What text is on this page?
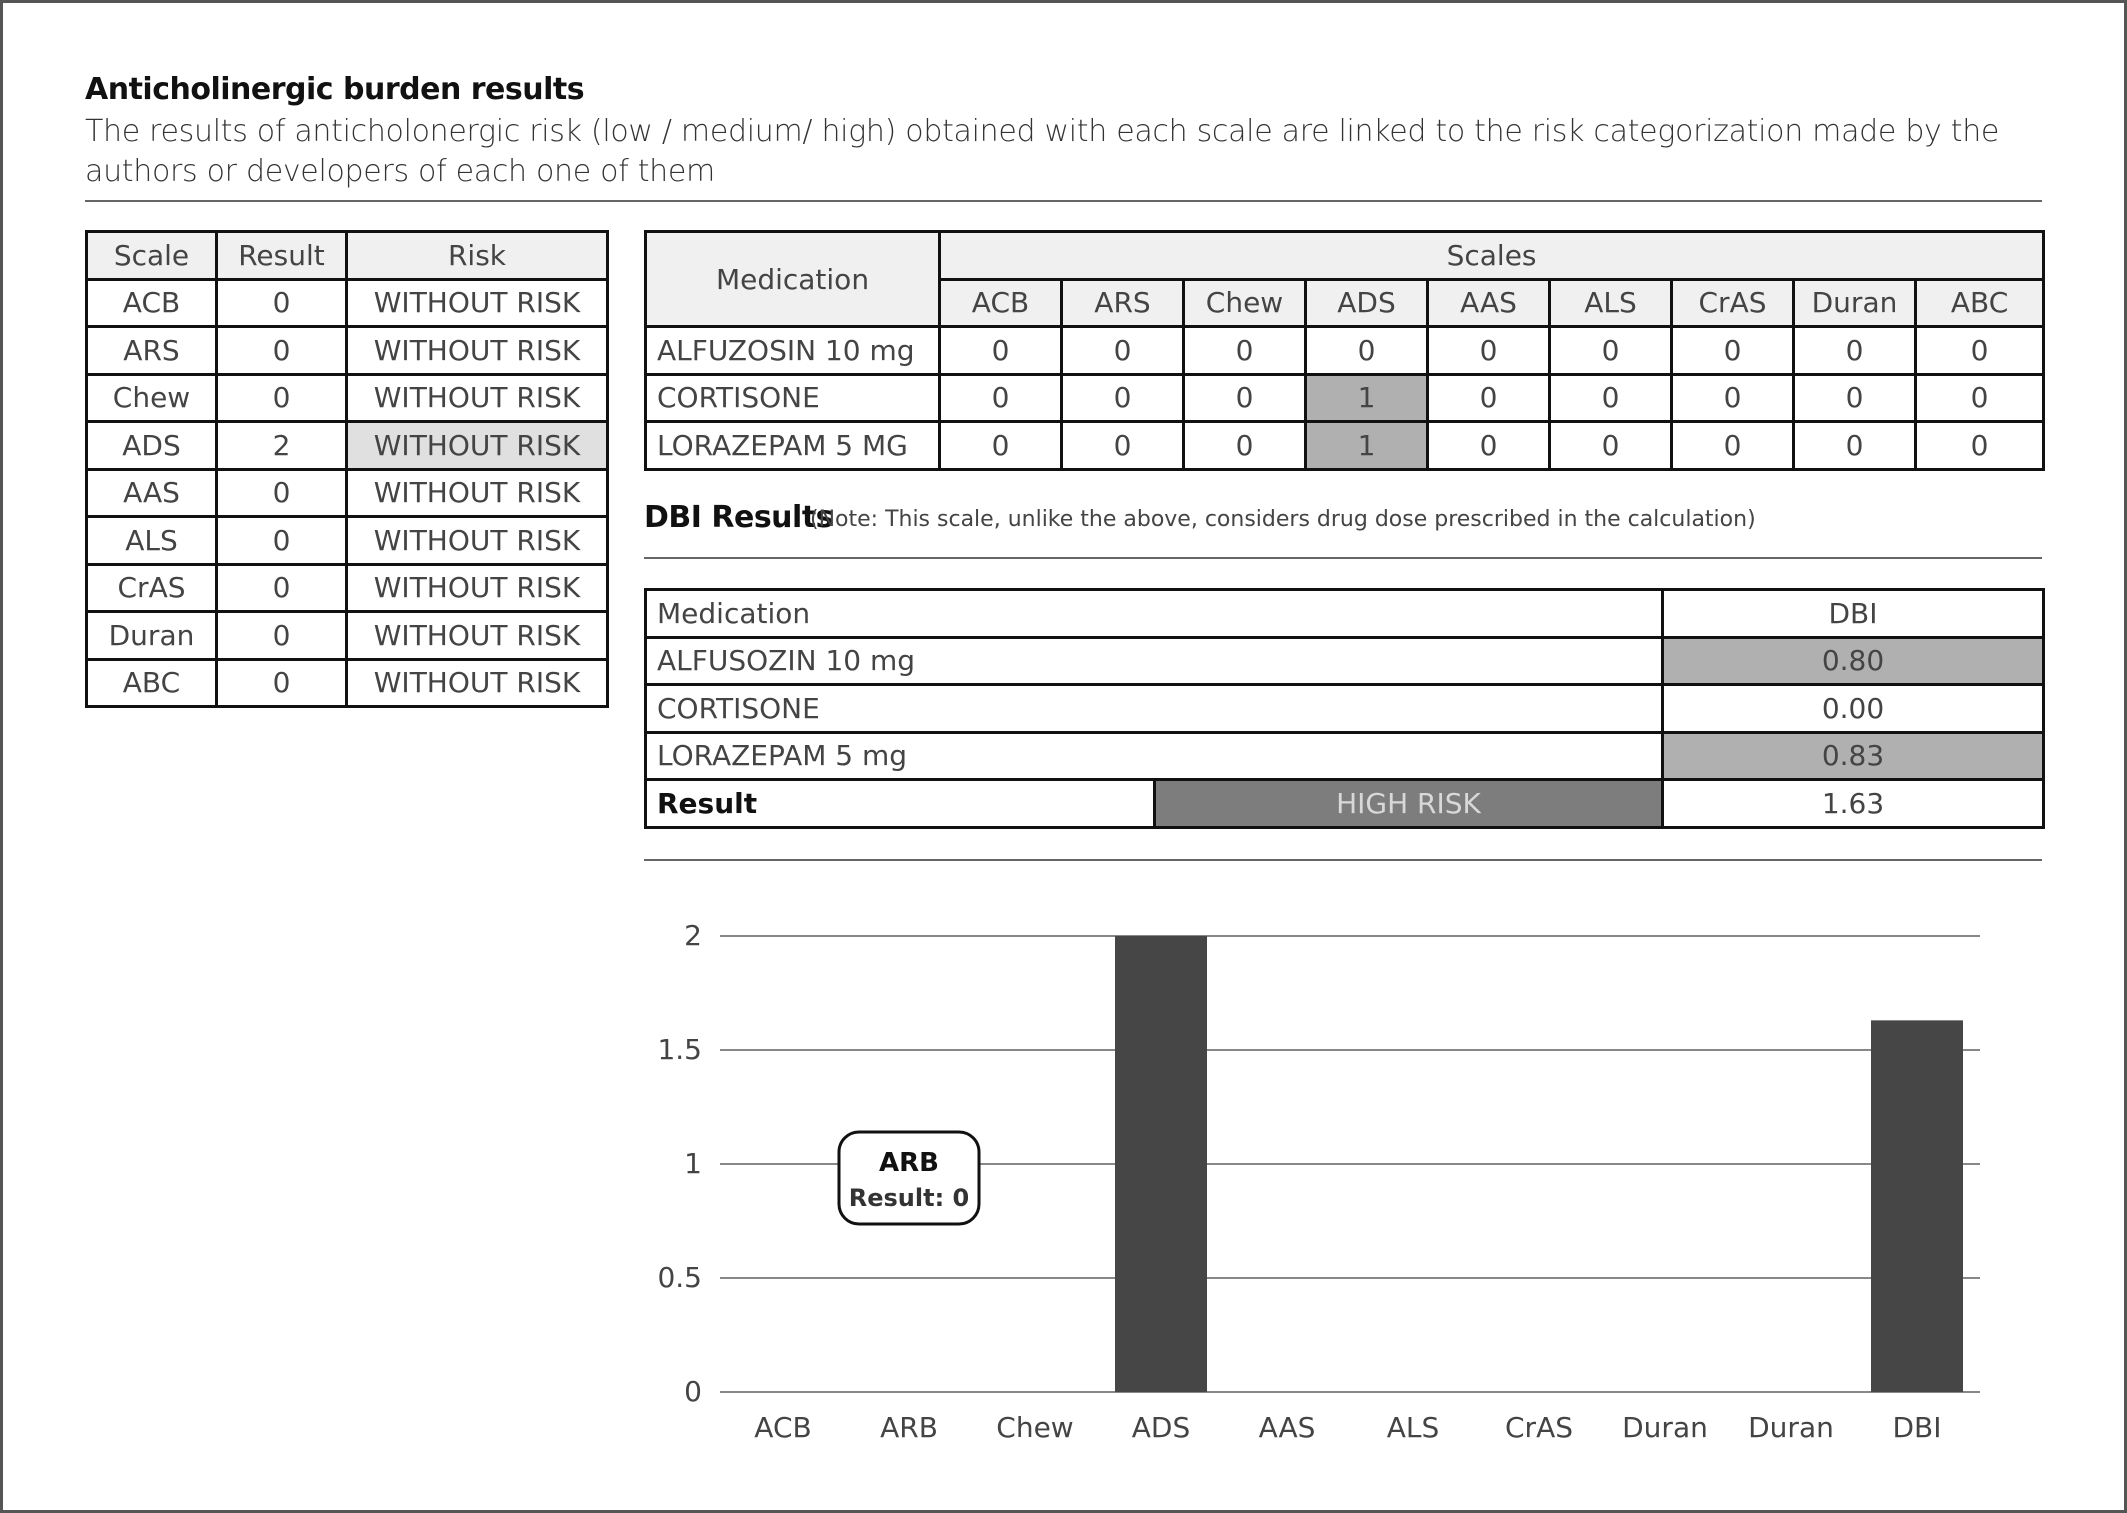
Anticholinergic burden results
The results of anticholonergic risk (low / medium/ high) obtained with each scale are linked to the risk categorization made by the authors or developers of each one of them
Scale	Result	Risk
ACB	0	WITHOUT RISK
ARS	0	WITHOUT RISK
Chew	0	WITHOUT RISK
ADS	2	WITHOUT RISK
AAS	0	WITHOUT RISK
ALS	0	WITHOUT RISK
CrAS	0	WITHOUT RISK
Duran	0	WITHOUT RISK
ABC	0	WITHOUT RISK
Medication	Scales								
	ACB	ARS	Chew	ADS	AAS	ALS	CrAS	Duran	ABC
ALFUZOSIN 10 mg	0	0	0	0	0	0	0	0	0
CORTISONE	0	0	0	1	0	0	0	0	0
LORAZEPAM 5 MG	0	0	0	1	0	0	0	0	0
DBI Results
(Note: This scale, unlike the above, considers drug dose prescribed in the calculation)
Medication		DBI
ALFUSOZIN 10 mg		0.80
CORTISONE		0.00
LORAZEPAM 5 mg		0.83
Result	HIGH RISK	1.63
0
0.5
1
1.5
2
ACB ARB Chew ADS AAS	ALS CrAS Duran Duran DBI
ARB
Result: 0
